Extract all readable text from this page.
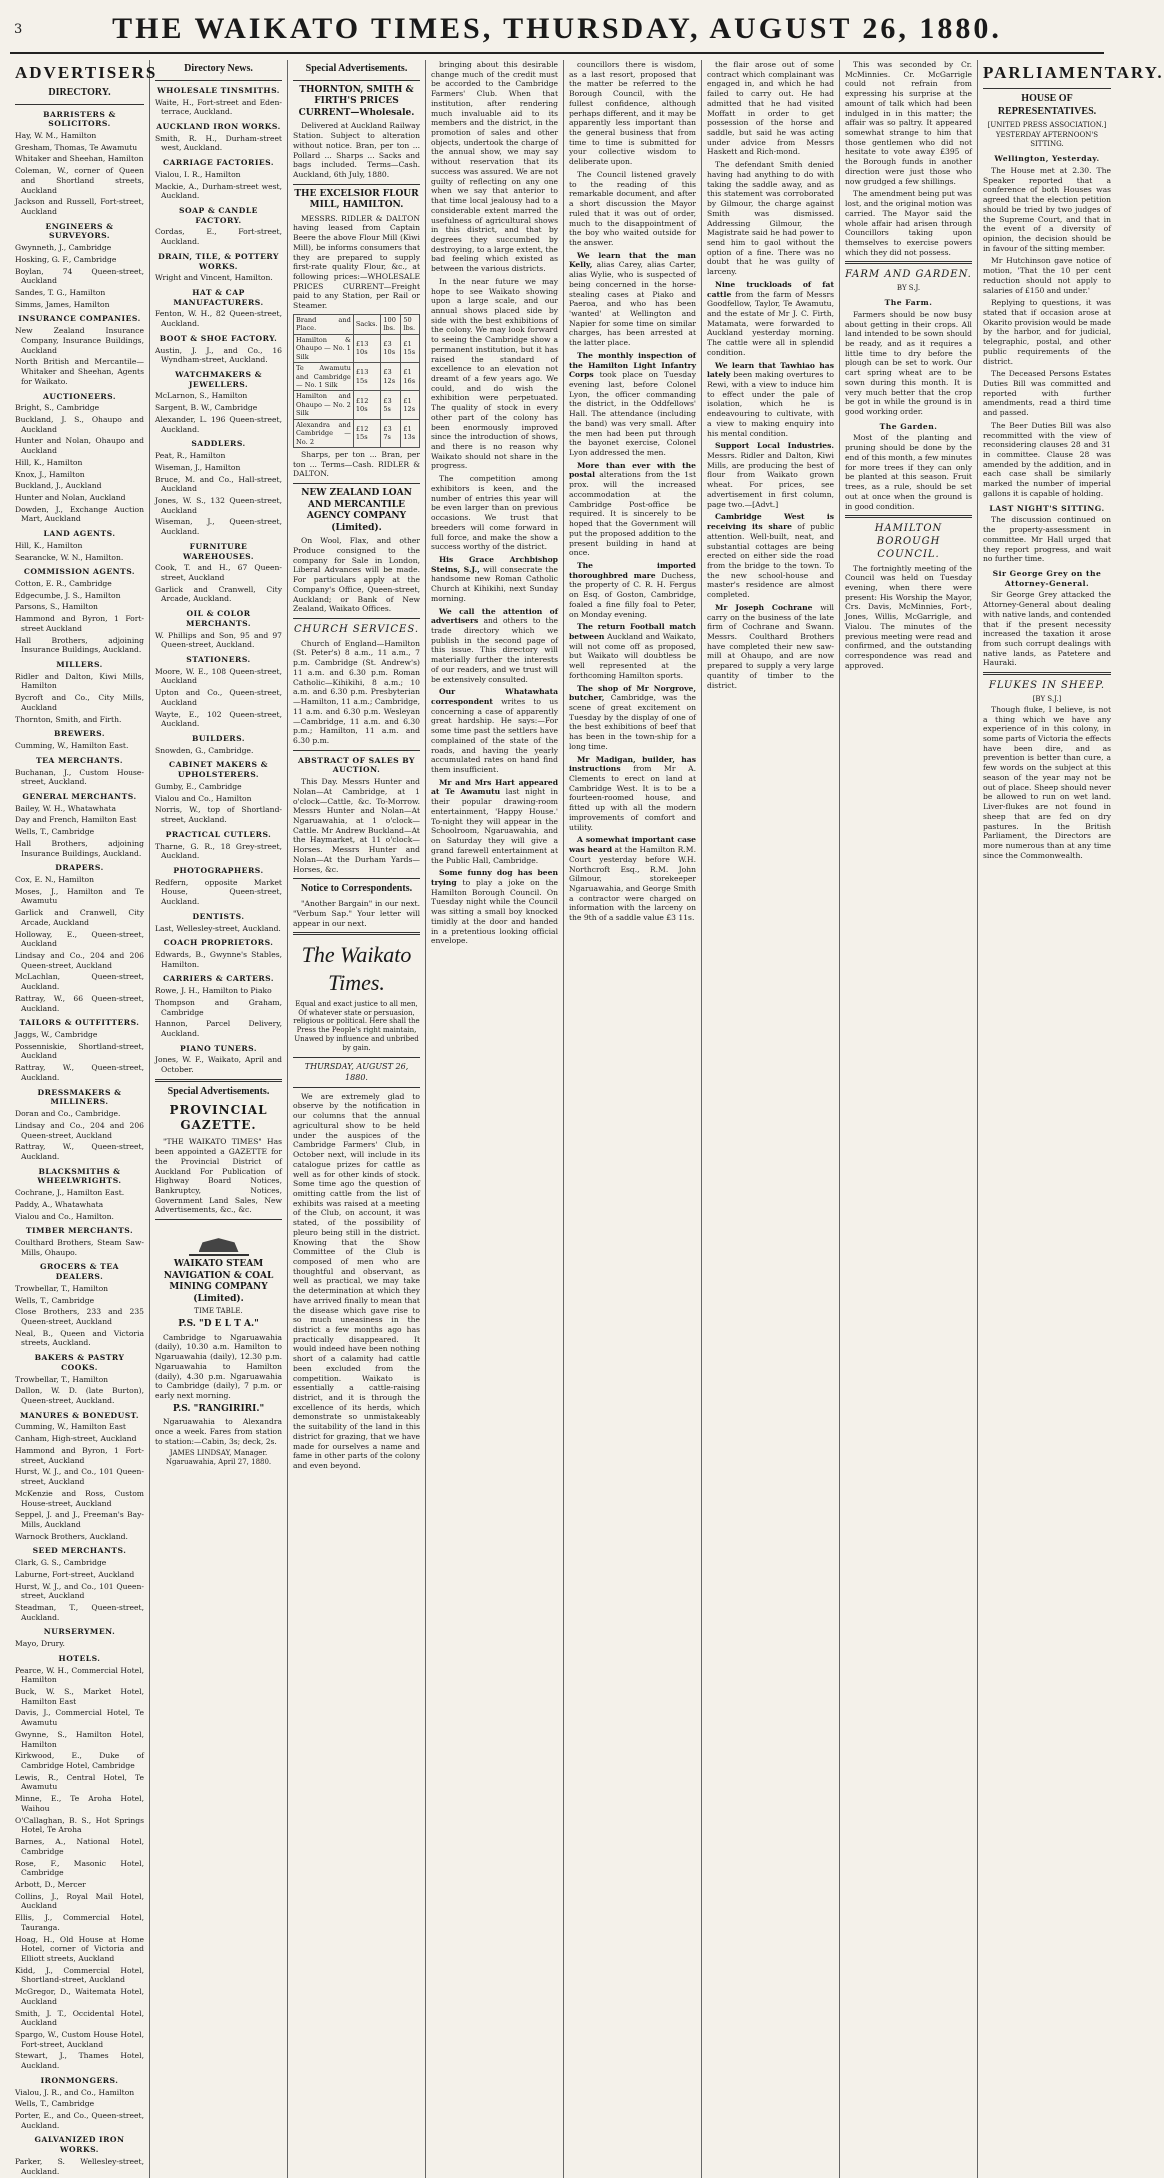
3	THE WAIKATO TIMES, THURSDAY, AUGUST 26, 1880.
ADVERTISERS
DIRECTORY.
BARRISTERS & SOLICITORS.
Hay, W. M., Hamilton
Gresham, Thomas, Te Awamutu
Whitaker and Sheehan, Hamilton
Coleman, W., corner of Queen and Shortland streets, Auckland
Jackson and Russell, Fort-street, Auckland
ENGINEERS & SURVEYORS.
Gwynneth, J., Cambridge
Hosking, G. F., Cambridge
Boylan, 74 Queen-street, Auckland
Sandes, T. G., Hamilton
Simms, James, Hamilton
INSURANCE COMPANIES.
New Zealand Insurance Company, Insurance Buildings, Auckland
North British and Mercantile—Whitaker and Sheehan, Agents for Waikato.
AUCTIONEERS.
Bright, S., Cambridge
Buckland, J. S., Ohaupo and Auckland
Hunter and Nolan, Ohaupo and Auckland
Hill, K., Hamilton
Knox, J., Hamilton
Buckland, J., Auckland
Hunter and Nolan, Auckland
Dowden, J., Exchange Auction Mart, Auckland
LAND AGENTS.
Hill, K., Hamilton
Searancke, W. N., Hamilton.
COMMISSION AGENTS.
Cotton, E. R., Cambridge
Edgecumbe, J. S., Hamilton
Parsons, S., Hamilton
Hammond and Byron, 1 Fort-street Auckland
Hall Brothers, adjoining Insurance Buildings, Auckland.
MILLERS.
Ridler and Dalton, Kiwi Mills, Hamilton
Bycroft and Co., City Mills, Auckland
Thornton, Smith, and Firth.
BREWERS.
Cumming, W., Hamilton East.
TEA MERCHANTS.
Buchanan, J., Custom House-street, Auckland.
GENERAL MERCHANTS.
Bailey, W. H., Whatawhata
Day and French, Hamilton East
Wells, T., Cambridge
Hall Brothers, adjoining Insurance Buildings, Auckland.
DRAPERS.
Cox, E. N., Hamilton
Moses, J., Hamilton and Te Awamutu
Garlick and Cranwell, City Arcade, Auckland
Holloway, E., Queen-street, Auckland
Lindsay and Co., 204 and 206 Queen-street, Auckland
McLachlan, Queen-street, Auckland.
Rattray, W., 66 Queen-street, Auckland.
TAILORS & OUTFITTERS.
Jaggs, W., Cambridge
Possenniskie, Shortland-street, Auckland
Rattray, W., Queen-street, Auckland.
DRESSMAKERS & MILLINERS.
Doran and Co., Cambridge.
Lindsay and Co., 204 and 206 Queen-street, Auckland
Rattray, W., Queen-street, Auckland.
BLACKSMITHS & WHEELWRIGHTS.
Cochrane, J., Hamilton East.
Paddy, A., Whatawhata
Vialou and Co., Hamilton.
TIMBER MERCHANTS.
Coulthard Brothers, Steam Saw-Mills, Ohaupo.
GROCERS & TEA DEALERS.
Trowbellar, T., Hamilton
Wells, T., Cambridge
Close Brothers, 233 and 235 Queen-street, Auckland
Neal, B., Queen and Victoria streets, Auckland.
BAKERS & PASTRY COOKS.
Trowbellar, T., Hamilton
Dallon, W. D. (late Burton), Queen-street, Auckland.
MANURES & BONEDUST.
Cumming, W., Hamilton East
Canham, High-street, Auckland
Hammond and Byron, 1 Fort-street, Auckland
Hurst, W. J., and Co., 101 Queen-street, Auckland
McKenzie and Ross, Custom House-street, Auckland
Seppel, J. and J., Freeman's Bay-Mills, Auckland
Warnock Brothers, Auckland.
SEED MERCHANTS.
Clark, G. S., Cambridge
Laburne, Fort-street, Auckland
Hurst, W. J., and Co., 101 Queen-street, Auckland
Steadman, T., Queen-street, Auckland.
NURSERYMEN.
Mayo, Drury.
HOTELS.
Pearce, W. H., Commercial Hotel, Hamilton
Buck, W. S., Market Hotel, Hamilton East
Davis, J., Commercial Hotel, Te Awamutu
Gwynne, S., Hamilton Hotel, Hamilton
Kirkwood, E., Duke of Cambridge Hotel, Cambridge
Lewis, R., Central Hotel, Te Awamutu
Minne, E., Te Aroha Hotel, Waihou
O'Callaghan, B. S., Hot Springs Hotel, Te Aroha
Barnes, A., National Hotel, Cambridge
Rose, F., Masonic Hotel, Cambridge
Arbott, D., Mercer
Collins, J., Royal Mail Hotel, Auckland
Ellis, J., Commercial Hotel, Tauranga.
Hoag, H., Old House at Home Hotel, corner of Victoria and Elliott streets, Auckland
Kidd, J., Commercial Hotel, Shortland-street, Auckland
McGregor, D., Waitemata Hotel, Auckland
Smith, J. T., Occidental Hotel, Auckland
Spargo, W., Custom House Hotel, Fort-street, Auckland
Stewart, J., Thames Hotel, Auckland.
IRONMONGERS.
Vialou, J. R., and Co., Hamilton
Wells, T., Cambridge
Porter, E., and Co., Queen-street, Auckland.
GALVANIZED IRON WORKS.
Parker, S. Wellesley-street, Auckland.
Directory News.
WHOLESALE TINSMITHS.
Waite, H., Fort-street and Eden-terrace, Auckland.
AUCKLAND IRON WORKS.
Smith, R. H., Durham-street west, Auckland.
CARRIAGE FACTORIES.
Vialou, I. R., Hamilton
Mackie, A., Durham-street west, Auckland.
SOAP & CANDLE FACTORY.
Cordas, E., Fort-street, Auckland.
DRAIN, TILE, & POTTERY WORKS.
Wright and Vincent, Hamilton.
HAT & CAP MANUFACTURERS.
Fenton, W. H., 82 Queen-street, Auckland.
BOOT & SHOE FACTORY.
Austin, J. J., and Co., 16 Wyndham-street, Auckland.
WATCHMAKERS & JEWELLERS.
McLarnon, S., Hamilton
Sargent, B. W., Cambridge
Alexander, L. 196 Queen-street, Auckland.
SADDLERS.
Peat, R., Hamilton
Wiseman, J., Hamilton
Bruce, M. and Co., Hall-street, Auckland
Jones, W. S., 132 Queen-street, Auckland
Wiseman, J., Queen-street, Auckland.
FURNITURE WAREHOUSES.
Cook, T. and H., 67 Queen-street, Auckland
Garlick and Cranwell, City Arcade, Auckland.
OIL & COLOR MERCHANTS.
W. Phillips and Son, 95 and 97 Queen-street, Auckland.
STATIONERS.
Moore, W. E., 108 Queen-street, Auckland
Upton and Co., Queen-street, Auckland
Wayte, E., 102 Queen-street, Auckland.
BUILDERS.
Snowden, G., Cambridge.
CABINET MAKERS & UPHOLSTERERS.
Gumby, E., Cambridge
Vialou and Co., Hamilton
Norris, W., top of Shortland-street, Auckland.
PRACTICAL CUTLERS.
Tharne, G. R., 18 Grey-street, Auckland.
PHOTOGRAPHERS.
Redfern, opposite Market House, Queen-street, Auckland.
DENTISTS.
Last, Wellesley-street, Auckland.
COACH PROPRIETORS.
Edwards, B., Gwynne's Stables, Hamilton.
CARRIERS & CARTERS.
Rowe, J. H., Hamilton to Piako
Thompson and Graham, Cambridge
Hannon, Parcel Delivery, Auckland.
PIANO TUNERS.
Jones, W. F., Waikato, April and October.
Special Advertisements.
PROVINCIAL GAZETTE.
"THE WAIKATO TIMES" Has been appointed a GAZETTE for the Provincial District of Auckland For Publication of Highway Board Notices, Bankruptcy, Notices, Government Land Sales, New Advertisements, &c., &c.
WAIKATO STEAM NAVIGATION & COAL MINING COMPANY (Limited).
TIME TABLE.
P.S. "D E L T A."
Cambridge to Ngaruawahia (daily), 10.30 a.m. Hamilton to Ngaruawahia (daily), 12.30 p.m. Ngaruawahia to Hamilton (daily), 4.30 p.m. Ngaruawahia to Cambridge (daily), 7 p.m. or early next morning.
P.S. "RANGIRIRI."
Ngaruawahia to Alexandra once a week. Fares from station to station:—Cabin, 3s; deck, 2s.
JAMES LINDSAY, Manager. Ngaruawahia, April 27, 1880.
Special Advertisements.
THORNTON, SMITH & FIRTH'S PRICES CURRENT—Wholesale.
Delivered at Auckland Railway Station. Subject to alteration without notice. Bran, per ton ... Pollard ... Sharps ... Sacks and bags included. Terms—Cash. Auckland, 6th July, 1880.
THE EXCELSIOR FLOUR MILL, HAMILTON.
MESSRS. RIDLER & DALTON having leased from Captain Beere the above Flour Mill (Kiwi Mill), be informs consumers that they are prepared to supply first-rate quality Flour, &c., at following prices:—WHOLESALE PRICES CURRENT—Freight paid to any Station, per Rail or Steamer.
Brand and Place.	Sacks.	100 lbs.	50 lbs.
Hamilton & Ohaupo — No. 1 Silk	£13 10s	£3 10s	£1 15s
Te Awamutu and Cambridge — No. 1 Silk	£13 15s	£3 12s	£1 16s
Hamilton and Ohaupo — No. 2 Silk	£12 10s	£3 5s	£1 12s
Alexandra and Cambridge — No. 2	£12 15s	£3 7s	£1 13s
Sharps, per ton ... Bran, per ton ... Terms—Cash. RIDLER & DALTON.
NEW ZEALAND LOAN AND MERCANTILE AGENCY COMPANY (Limited).
On Wool, Flax, and other Produce consigned to the company for Sale in London, Liberal Advances will be made. For particulars apply at the Company's Office, Queen-street, Auckland; or Bank of New Zealand, Waikato Offices.
CHURCH SERVICES.
Church of England—Hamilton (St. Peter's) 8 a.m., 11 a.m., 7 p.m. Cambridge (St. Andrew's) 11 a.m. and 6.30 p.m. Roman Catholic—Kihikihi, 8 a.m.; 10 a.m. and 6.30 p.m. Presbyterian—Hamilton, 11 a.m.; Cambridge, 11 a.m. and 6.30 p.m. Wesleyan—Cambridge, 11 a.m. and 6.30 p.m.; Hamilton, 11 a.m. and 6.30 p.m.
ABSTRACT OF SALES BY AUCTION.
This Day. Messrs Hunter and Nolan—At Cambridge, at 1 o'clock—Cattle, &c. To-Morrow. Messrs Hunter and Nolan—At Ngaruawahia, at 1 o'clock—Cattle. Mr Andrew Buckland—At the Haymarket, at 11 o'clock—Horses. Messrs Hunter and Nolan—At the Durham Yards—Horses, &c.
Notice to Correspondents.
"Another Bargain" in our next. "Verbum Sap." Your letter will appear in our next.
The Waikato Times.
Equal and exact justice to all men, Of whatever state or persuasion, religious or political. Here shall the Press the People's right maintain, Unawed by influence and unbribed by gain.
THURSDAY, AUGUST 26, 1880.
We are extremely glad to observe by the notification in our columns that the annual agricultural show to be held under the auspices of the Cambridge Farmers' Club, in October next, will include in its catalogue prizes for cattle as well as for other kinds of stock. Some time ago the question of omitting cattle from the list of exhibits was raised at a meeting of the Club, on account, it was stated, of the possibility of pleuro being still in the district. Knowing that the Show Committee of the Club is composed of men who are thoughtful and observant, as well as practical, we may take the determination at which they have arrived finally to mean that the disease which gave rise to so much uneasiness in the district a few months ago has practically disappeared. It would indeed have been nothing short of a calamity had cattle been excluded from the competition. Waikato is essentially a cattle-raising district, and it is through the excellence of its herds, which demonstrate so unmistakeably the suitability of the land in this district for grazing, that we have made for ourselves a name and fame in other parts of the colony and even beyond.
bringing about this desirable change much of the credit must be accorded to the Cambridge Farmers' Club. When that institution, after rendering much invaluable aid to its members and the district, in the promotion of sales and other objects, undertook the charge of the annual show, we may say without reservation that its success was assured. We are not guilty of reflecting on any one when we say that anterior to that time local jealousy had to a considerable extent marred the usefulness of agricultural shows in this district, and that by degrees they succumbed by destroying, to a large extent, the bad feeling which existed as between the various districts.
In the near future we may hope to see Waikato showing upon a large scale, and our annual shows placed side by side with the best exhibitions of the colony. We may look forward to seeing the Cambridge show a permanent institution, but it has raised the standard of excellence to an elevation not dreamt of a few years ago. We could, and do wish the exhibition were perpetuated. The quality of stock in every other part of the colony has been enormously improved since the introduction of shows, and there is no reason why Waikato should not share in the progress.
The competition among exhibitors is keen, and the number of entries this year will be even larger than on previous occasions. We trust that breeders will come forward in full force, and make the show a success worthy of the district.
His Grace Archbishop Steins, S.J., will consecrate the handsome new Roman Catholic Church at Kihikihi, next Sunday morning.
We call the attention of advertisers and others to the trade directory which we publish in the second page of this issue. This directory will materially further the interests of our readers, and we trust will be extensively consulted.
Our Whatawhata correspondent writes to us concerning a case of apparently great hardship. He says:—For some time past the settlers have complained of the state of the roads, and having the yearly accumulated rates on hand find them insufficient.
Mr and Mrs Hart appeared at Te Awamutu last night in their popular drawing-room entertainment, 'Happy House.' To-night they will appear in the Schoolroom, Ngaruawahia, and on Saturday they will give a grand farewell entertainment at the Public Hall, Cambridge.
Some funny dog has been trying to play a joke on the Hamilton Borough Council. On Tuesday night while the Council was sitting a small boy knocked timidly at the door and handed in a pretentious looking official envelope.
councillors there is wisdom, as a last resort, proposed that the matter be referred to the Borough Council, with the fullest confidence, although perhaps different, and it may be apparently less important than the general business that from time to time is submitted for your collective wisdom to deliberate upon.
The Council listened gravely to the reading of this remarkable document, and after a short discussion the Mayor ruled that it was out of order, much to the disappointment of the boy who waited outside for the answer.
We learn that the man Kelly, alias Carey, alias Carter, alias Wylie, who is suspected of being concerned in the horse-stealing cases at Piako and Paeroa, and who has been 'wanted' at Wellington and Napier for some time on similar charges, has been arrested at the latter place.
The monthly inspection of the Hamilton Light Infantry Corps took place on Tuesday evening last, before Colonel Lyon, the officer commanding the district, in the Oddfellows' Hall. The attendance (including the band) was very small. After the men had been put through the bayonet exercise, Colonel Lyon addressed the men.
More than ever with the postal alterations from the 1st prox. will the increased accommodation at the Cambridge Post-office be required. It is sincerely to be hoped that the Government will put the proposed addition to the present building in hand at once.
The imported thoroughbred mare Duchess, the property of C. R. H. Fergus on Esq. of Goston, Cambridge, foaled a fine filly foal to Peter, on Monday evening.
The return Football match between Auckland and Waikato, will not come off as proposed, but Waikato will doubtless be well represented at the forthcoming Hamilton sports.
The shop of Mr Norgrove, butcher, Cambridge, was the scene of great excitement on Tuesday by the display of one of the best exhibitions of beef that has been in the town-ship for a long time.
Mr Madigan, builder, has instructions from Mr A. Clements to erect on land at Cambridge West. It is to be a fourteen-roomed house, and fitted up with all the modern improvements of comfort and utility.
A somewhat important case was heard at the Hamilton R.M. Court yesterday before W.H. Northcroft Esq., R.M. John Gilmour, storekeeper Ngaruawahia, and George Smith a contractor were charged on information with the larceny on the 9th of a saddle value £3 11s.
the flair arose out of some contract which complainant was engaged in, and which he had failed to carry out. He had admitted that he had visited Moffatt in order to get possession of the horse and saddle, but said he was acting under advice from Messrs Haskett and Rich-mond.
The defendant Smith denied having had anything to do with taking the saddle away, and as this statement was corroborated by Gilmour, the charge against Smith was dismissed. Addressing Gilmour, the Magistrate said he had power to send him to gaol without the option of a fine. There was no doubt that he was guilty of larceny.
Nine truckloads of fat cattle from the farm of Messrs Goodfellow, Taylor, Te Awamutu, and the estate of Mr J. C. Firth, Matamata, were forwarded to Auckland yesterday morning. The cattle were all in splendid condition.
We learn that Tawhiao has lately been making overtures to Rewi, with a view to induce him to effect under the pale of isolation, which he is endeavouring to cultivate, with a view to making enquiry into his mental condition.
Support Local Industries. Messrs. Ridler and Dalton, Kiwi Mills, are producing the best of flour from Waikato grown wheat. For prices, see advertisement in first column, page two.—[Advt.]
Cambridge West is receiving its share of public attention. Well-built, neat, and substantial cottages are being erected on either side the road from the bridge to the town. To the new school-house and master's residence are almost completed.
Mr Joseph Cochrane will carry on the business of the late firm of Cochrane and Swann. Messrs. Coulthard Brothers have completed their new saw-mill at Ohaupo, and are now prepared to supply a very large quantity of timber to the district.
This was seconded by Cr. McMinnies. Cr. McGarrigle could not refrain from expressing his surprise at the amount of talk which had been indulged in in this matter; the affair was so paltry. It appeared somewhat strange to him that those gentlemen who did not hesitate to vote away £395 of the Borough funds in another direction were just those who now grudged a few shillings.
The amendment being put was lost, and the original motion was carried. The Mayor said the whole affair had arisen through Councillors taking upon themselves to exercise powers which they did not possess.
FARM AND GARDEN.
BY S.J.
The Farm.
Farmers should be now busy about getting in their crops. All land intended to be sown should be ready, and as it requires a little time to dry before the plough can be set to work. Our cart spring wheat are to be sown during this month. It is very much better that the crop be got in while the ground is in good working order.
The Garden.
Most of the planting and pruning should be done by the end of this month, a few minutes for more trees if they can only be planted at this season. Fruit trees, as a rule, should be set out at once when the ground is in good condition.
HAMILTON BOROUGH COUNCIL.
The fortnightly meeting of the Council was held on Tuesday evening, when there were present: His Worship the Mayor, Crs. Davis, McMinnies, Fort-, Jones, Willis, McGarrigle, and Vialou. The minutes of the previous meeting were read and confirmed, and the outstanding correspondence was read and approved.
PARLIAMENTARY.
HOUSE OF REPRESENTATIVES.
[UNITED PRESS ASSOCIATION.]
YESTERDAY AFTERNOON'S SITTING.
Wellington, Yesterday.
The House met at 2.30. The Speaker reported that a conference of both Houses was agreed that the election petition should be tried by two judges of the Supreme Court, and that in the event of a diversity of opinion, the decision should be in favour of the sitting member.
Mr Hutchinson gave notice of motion, 'That the 10 per cent reduction should not apply to salaries of £150 and under.'
Replying to questions, it was stated that if occasion arose at Okarito provision would be made by the harbor, and for judicial, telegraphic, postal, and other public requirements of the district.
The Deceased Persons Estates Duties Bill was committed and reported with further amendments, read a third time and passed.
The Beer Duties Bill was also recommitted with the view of reconsidering clauses 28 and 31 in committee. Clause 28 was amended by the addition, and in each case shall be similarly marked the number of imperial gallons it is capable of holding.
LAST NIGHT'S SITTING.
The discussion continued on the property-assessment in committee. Mr Hall urged that they report progress, and wait no further time.
Sir George Grey on the Attorney-General.
Sir George Grey attacked the Attorney-General about dealing with native lands, and contended that if the present necessity increased the taxation it arose from such corrupt dealings with native lands, as Patetere and Hauraki.
FLUKES IN SHEEP.
[BY S.J.]
Though fluke, I believe, is not a thing which we have any experience of in this colony, in some parts of Victoria the effects have been dire, and as prevention is better than cure, a few words on the subject at this season of the year may not be out of place. Sheep should never be allowed to run on wet land. Liver-flukes are not found in sheep that are fed on dry pastures. In the British Parliament, the Directors are more numerous than at any time since the Commonwealth.
